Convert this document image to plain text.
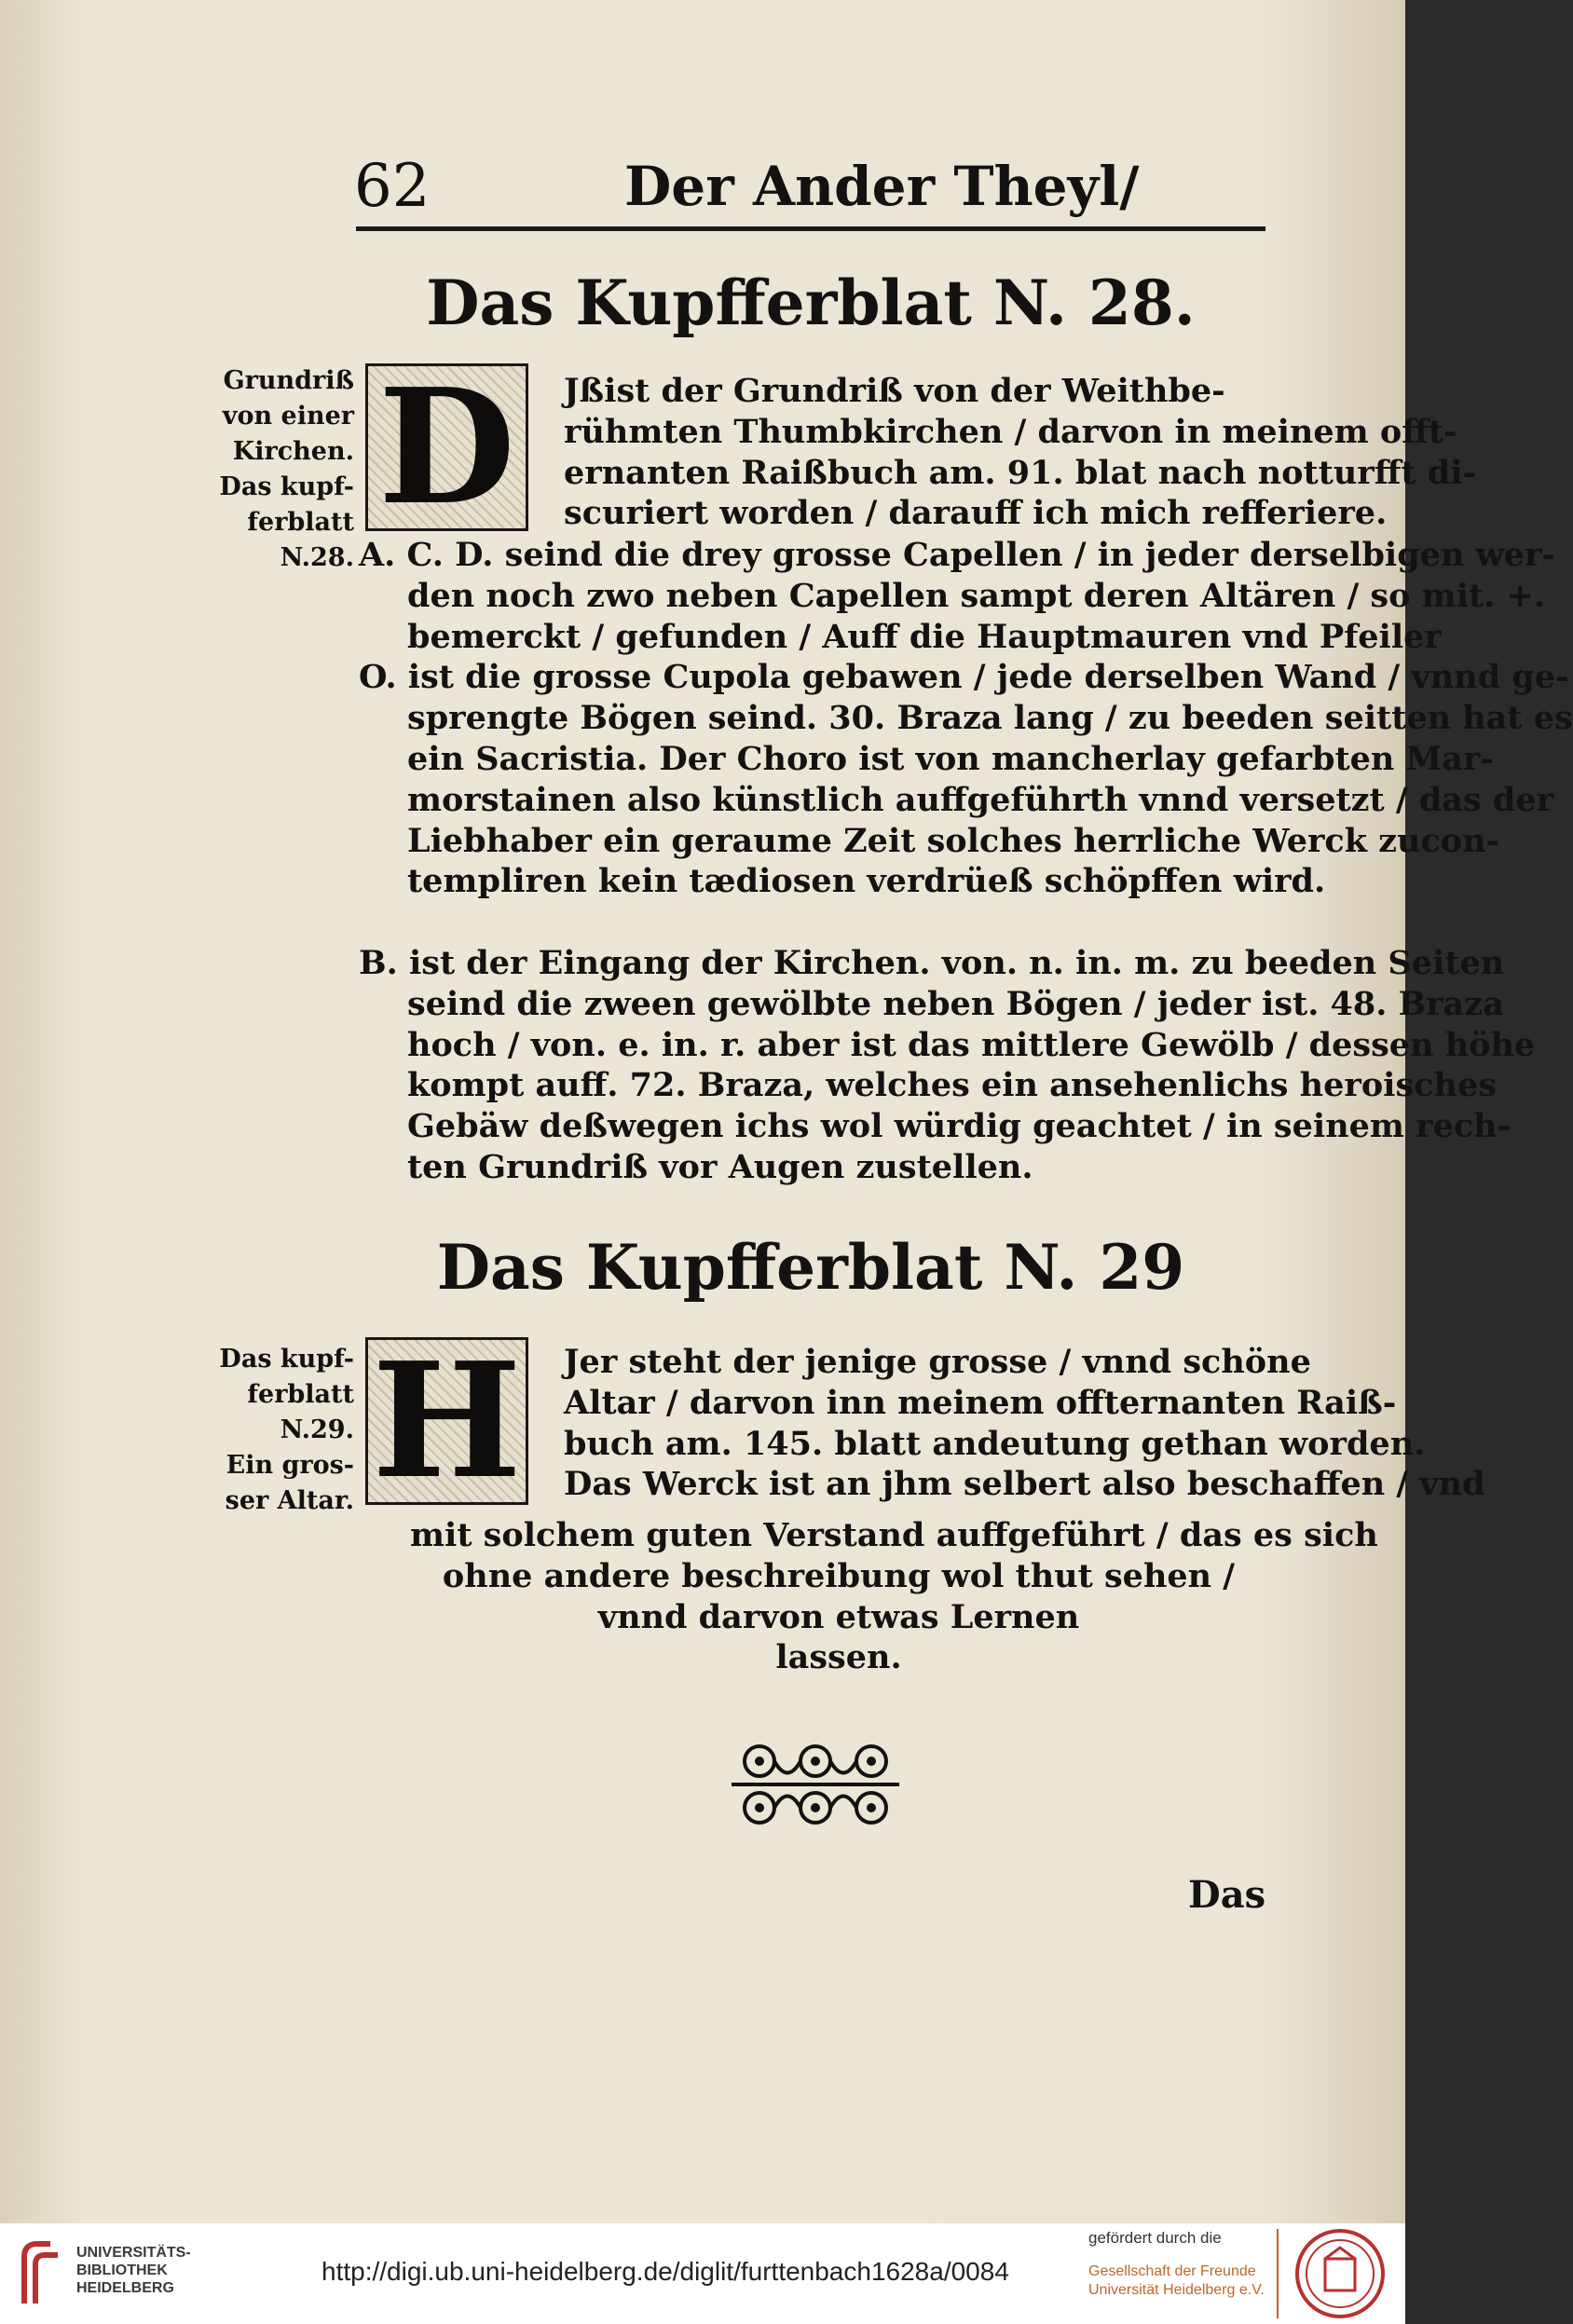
62	Der Ander Theyl/
Das Kupfferblat N. 28.
Grundriß
von einer
Kirchen.
Das kupf-
ferblatt
N.28.
D Jßist der Grundriß von der Weithbe-
rühmten Thumbkirchen / darvon in meinem offt-
ernanten Raißbuch am. 91. blat nach notturfft di-
scuriert worden / darauff ich mich refferiere.
A. C. D. seind die drey grosse Capellen / in jeder derselbigen wer-
den noch zwo neben Capellen sampt deren Altären / so mit. +.
bemerckt / gefunden / Auff die Hauptmauren vnd Pfeiler
O. ist die grosse Cupola gebawen / jede derselben Wand / vnnd ge-
sprengte Bögen seind. 30. Braza lang / zu beeden seitten hat es
ein Sacristia. Der Choro ist von mancherlay gefarbten Mar-
morstainen also künstlich auffgeführth vnnd versetzt / das der
Liebhaber ein geraume Zeit solches herrliche Werck zucon-
templiren kein tædiosen verdrüeß schöpffen wird.
B. ist der Eingang der Kirchen. von. n. in. m. zu beeden Seiten
seind die zween gewölbte neben Bögen / jeder ist. 48. Braza
hoch / von. e. in. r. aber ist das mittlere Gewölb / dessen höhe
kompt auff. 72. Braza, welches ein ansehenlichs heroisches
Gebäw deßwegen ichs wol würdig geachtet / in seinem rech-
ten Grundriß vor Augen zustellen.
Das Kupfferblat N. 29
Das kupf-
ferblatt
N.29.
Ein gros-
ser Altar. H Jer steht der jenige grosse / vnnd schöne
Altar / darvon inn meinem offternanten Raiß-
buch am. 145. blatt andeutung gethan worden.
Das Werck ist an jhm selbert also beschaffen / vnd
mit solchem guten Verstand auffgeführt / das es sich
ohne andere beschreibung wol thut sehen /
vnnd darvon etwas Lernen
lassen.
Das
UNIVERSITÄTS-
BIBLIOTHEK
HEIDELBERG
http://digi.ub.uni-heidelberg.de/diglit/furttenbach1628a/0084
gefördert durch die
Gesellschaft der Freunde
Universität Heidelberg e.V.
